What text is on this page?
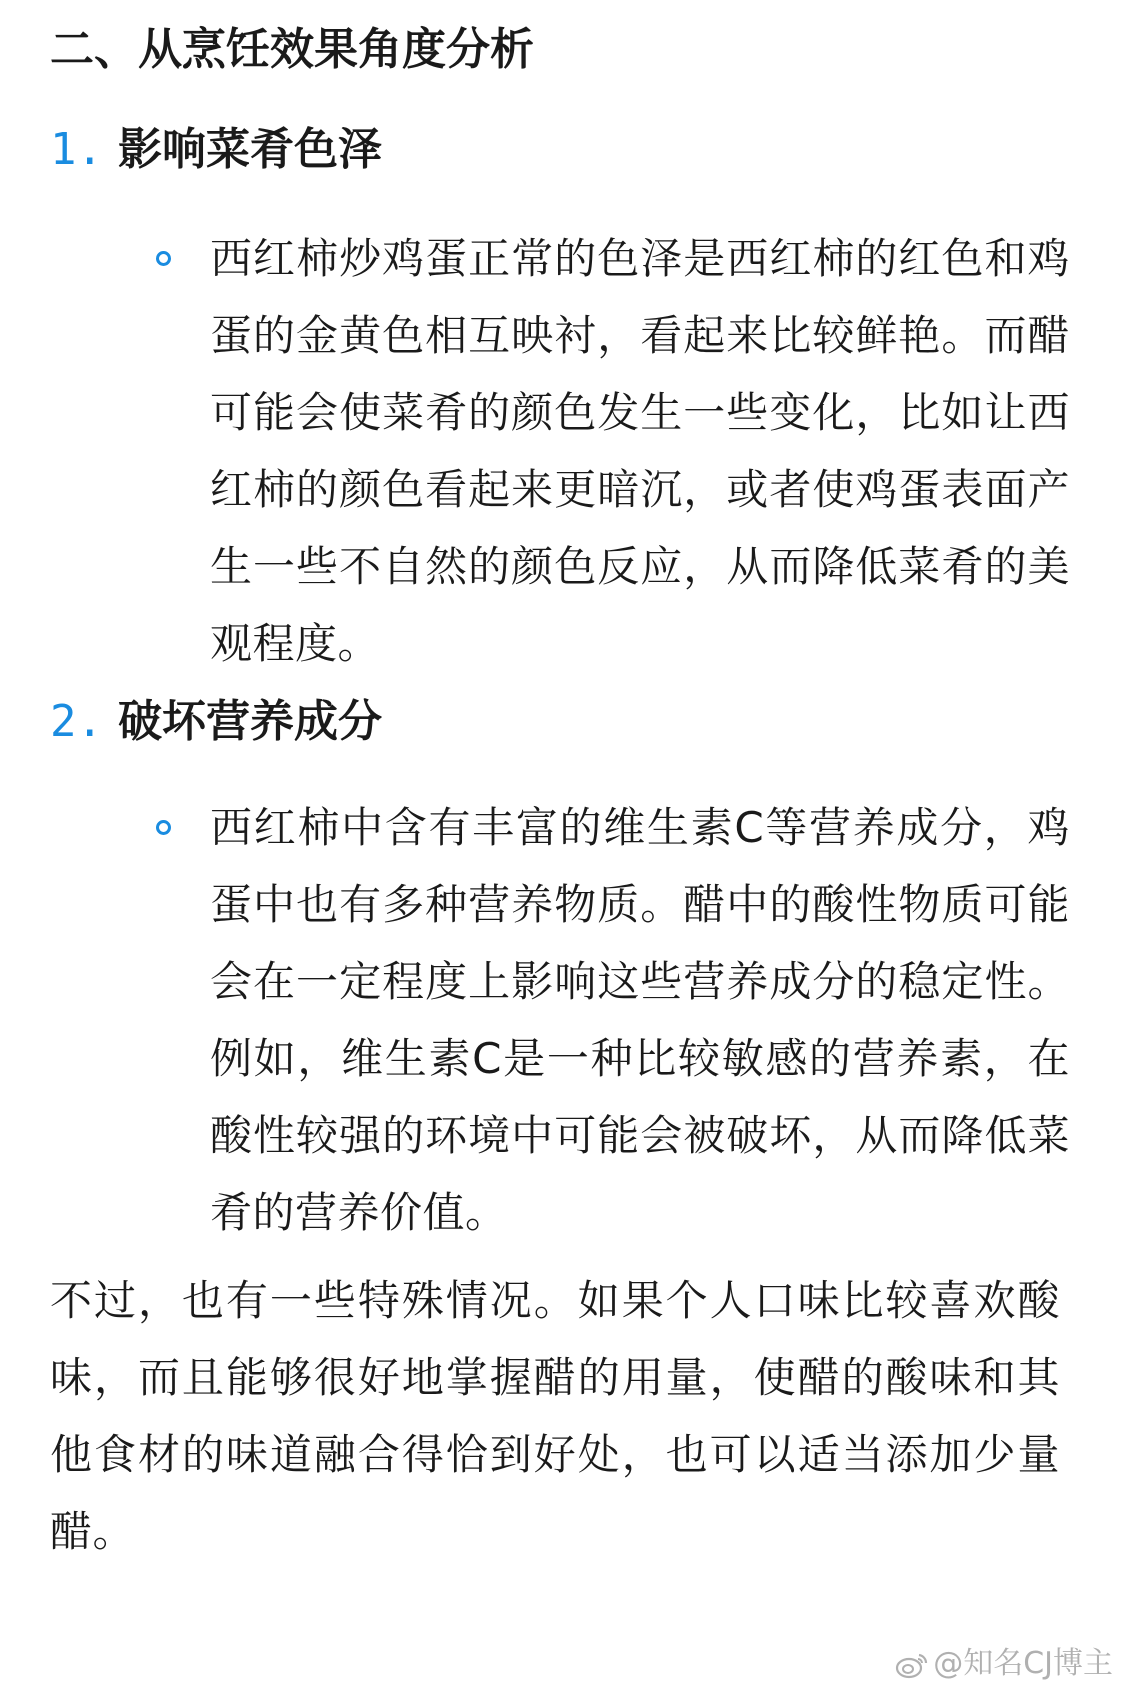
二、从烹饪效果角度分析
1. 影响菜肴色泽

西红柿炒鸡蛋正常的色泽是西红柿的红色和鸡蛋的金黄色相互映衬，看起来比较鲜艳。而醋可能会使菜肴的颜色发生一些变化，比如让西红柿的颜色看起来更暗沉，或者使鸡蛋表面产生一些不自然的颜色反应，从而降低菜肴的美观程度。

2. 破坏营养成分

西红柿中含有丰富的维生素C等营养成分，鸡蛋中也有多种营养物质。醋中的酸性物质可能会在一定程度上影响这些营养成分的稳定性。例如，维生素C是一种比较敏感的营养素，在酸性较强的环境中可能会被破坏，从而降低菜肴的营养价值。

不过，也有一些特殊情况。如果个人口味比较喜欢酸味，而且能够很好地掌握醋的用量，使醋的酸味和其他食材的味道融合得恰到好处，也可以适当添加少量醋。

@知名CJ博主
